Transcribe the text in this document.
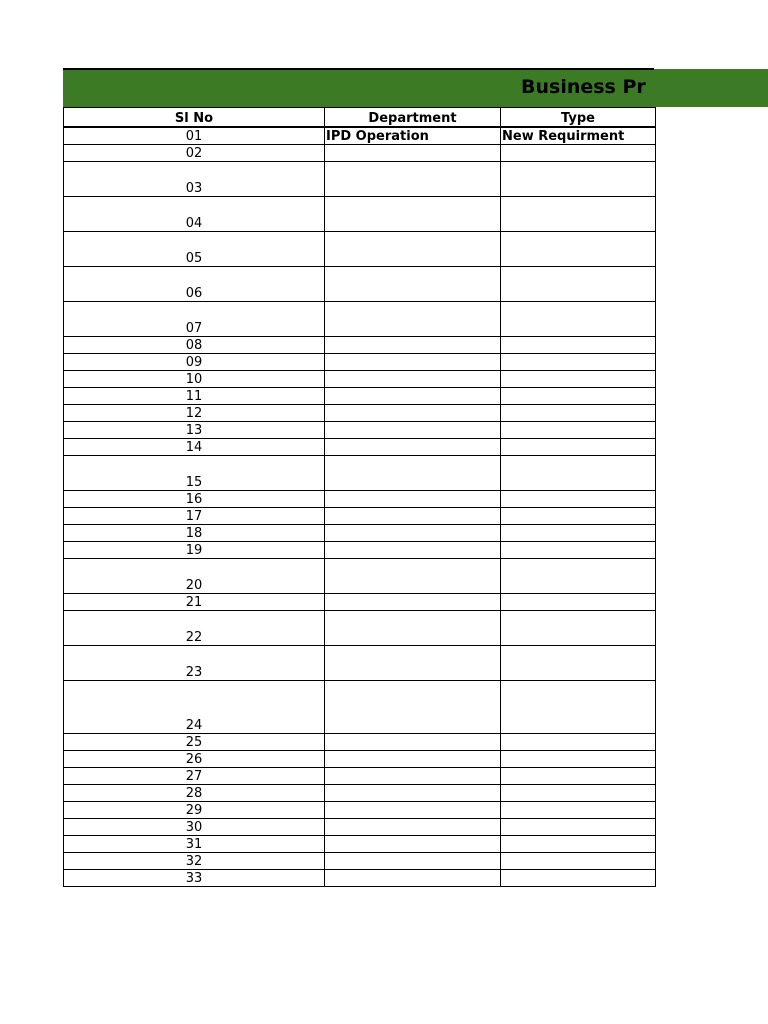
Business Pr
Sl No	Department	Type
01	IPD Operation	New Requirment
02		
03		
04		
05		
06		
07		
08		
09		
10		
11		
12		
13		
14		
15		
16		
17		
18		
19		
20		
21		
22		
23		
24		
25		
26		
27		
28		
29		
30		
31		
32		
33		
